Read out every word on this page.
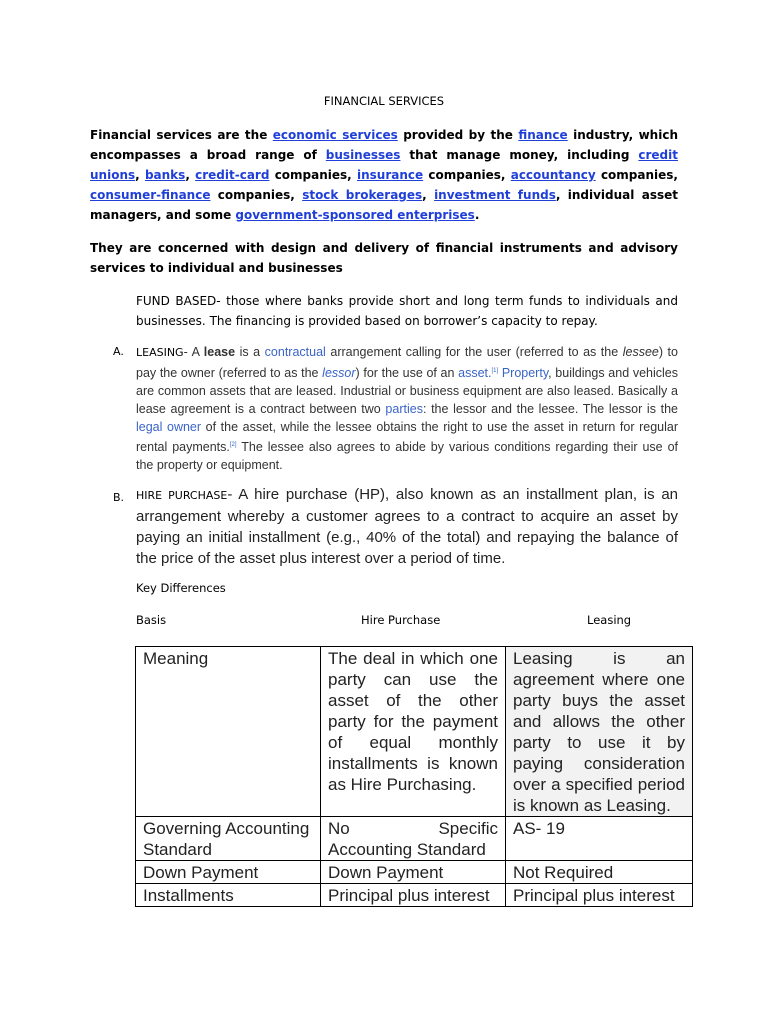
FINANCIAL SERVICES
Financial services are the economic services provided by the finance industry, which encompasses a broad range of businesses that manage money, including credit unions, banks, credit-card companies, insurance companies, accountancy companies, consumer-finance companies, stock brokerages, investment funds, individual asset managers, and some government-sponsored enterprises.
They are concerned with design and delivery of financial instruments and advisory services to individual and businesses
FUND BASED- those where banks provide short and long term funds to individuals and businesses. The financing is provided based on borrower’s capacity to repay.
A.	LEASING- A lease is a contractual arrangement calling for the user (referred to as the lessee) to pay the owner (referred to as the lessor) for the use of an asset.[1] Property, buildings and vehicles are common assets that are leased. Industrial or business equipment are also leased. Basically a lease agreement is a contract between two parties: the lessor and the lessee. The lessor is the legal owner of the asset, while the lessee obtains the right to use the asset in return for regular rental payments.[2] The lessee also agrees to abide by various conditions regarding their use of the property or equipment.
B.	HIRE PURCHASE- A hire purchase (HP), also known as an installment plan, is an arrangement whereby a customer agrees to a contract to acquire an asset by paying an initial installment (e.g., 40% of the total) and repaying the balance of the price of the asset plus interest over a period of time.
Key Differences
Basis	Hire Purchase	Leasing
Meaning	The deal in which one party can use the asset of the other party for the payment of equal monthly installments is known as Hire Purchasing.	Leasing is an agreement where one party buys the asset and allows the other party to use it by paying consideration over a specified period is known as Leasing.
Governing Accounting Standard	No Specific Accounting Standard	AS- 19
Down Payment	Down Payment	Not Required
Installments	Principal plus interest	Principal plus interest
